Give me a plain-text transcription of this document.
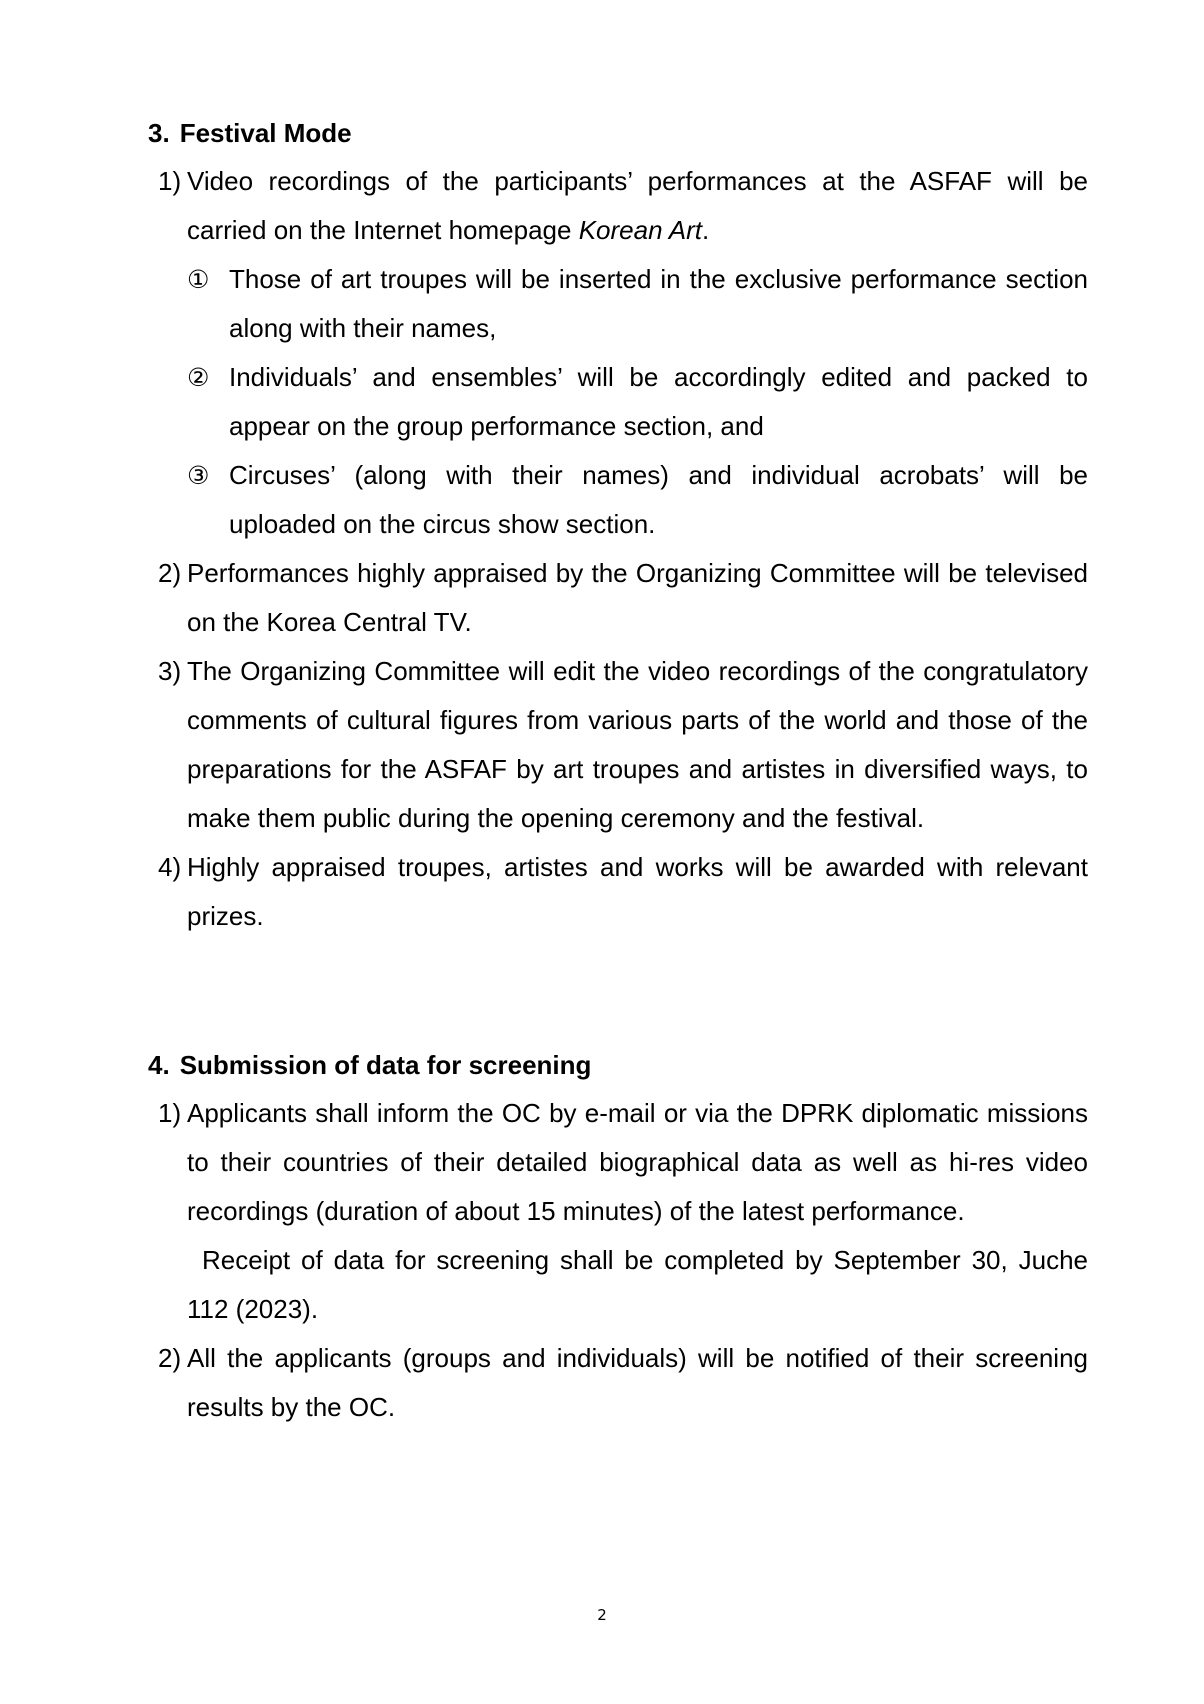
3. Festival Mode

1) Video recordings of the participants’ performances at the ASFAF will be carried on the Internet homepage Korean Art.

① Those of art troupes will be inserted in the exclusive performance section along with their names,

② Individuals’ and ensembles’ will be accordingly edited and packed to appear on the group performance section, and

③ Circuses’ (along with their names) and individual acrobats’ will be uploaded on the circus show section.

2) Performances highly appraised by the Organizing Committee will be televised on the Korea Central TV.

3) The Organizing Committee will edit the video recordings of the congratulatory comments of cultural figures from various parts of the world and those of the preparations for the ASFAF by art troupes and artistes in diversified ways, to make them public during the opening ceremony and the festival.

4) Highly appraised troupes, artistes and works will be awarded with relevant prizes.

4. Submission of data for screening

1) Applicants shall inform the OC by e-mail or via the DPRK diplomatic missions to their countries of their detailed biographical data as well as hi-res video recordings (duration of about 15 minutes) of the latest performance.

Receipt of data for screening shall be completed by September 30, Juche 112 (2023).

2) All the applicants (groups and individuals) will be notified of their screening results by the OC.

2
